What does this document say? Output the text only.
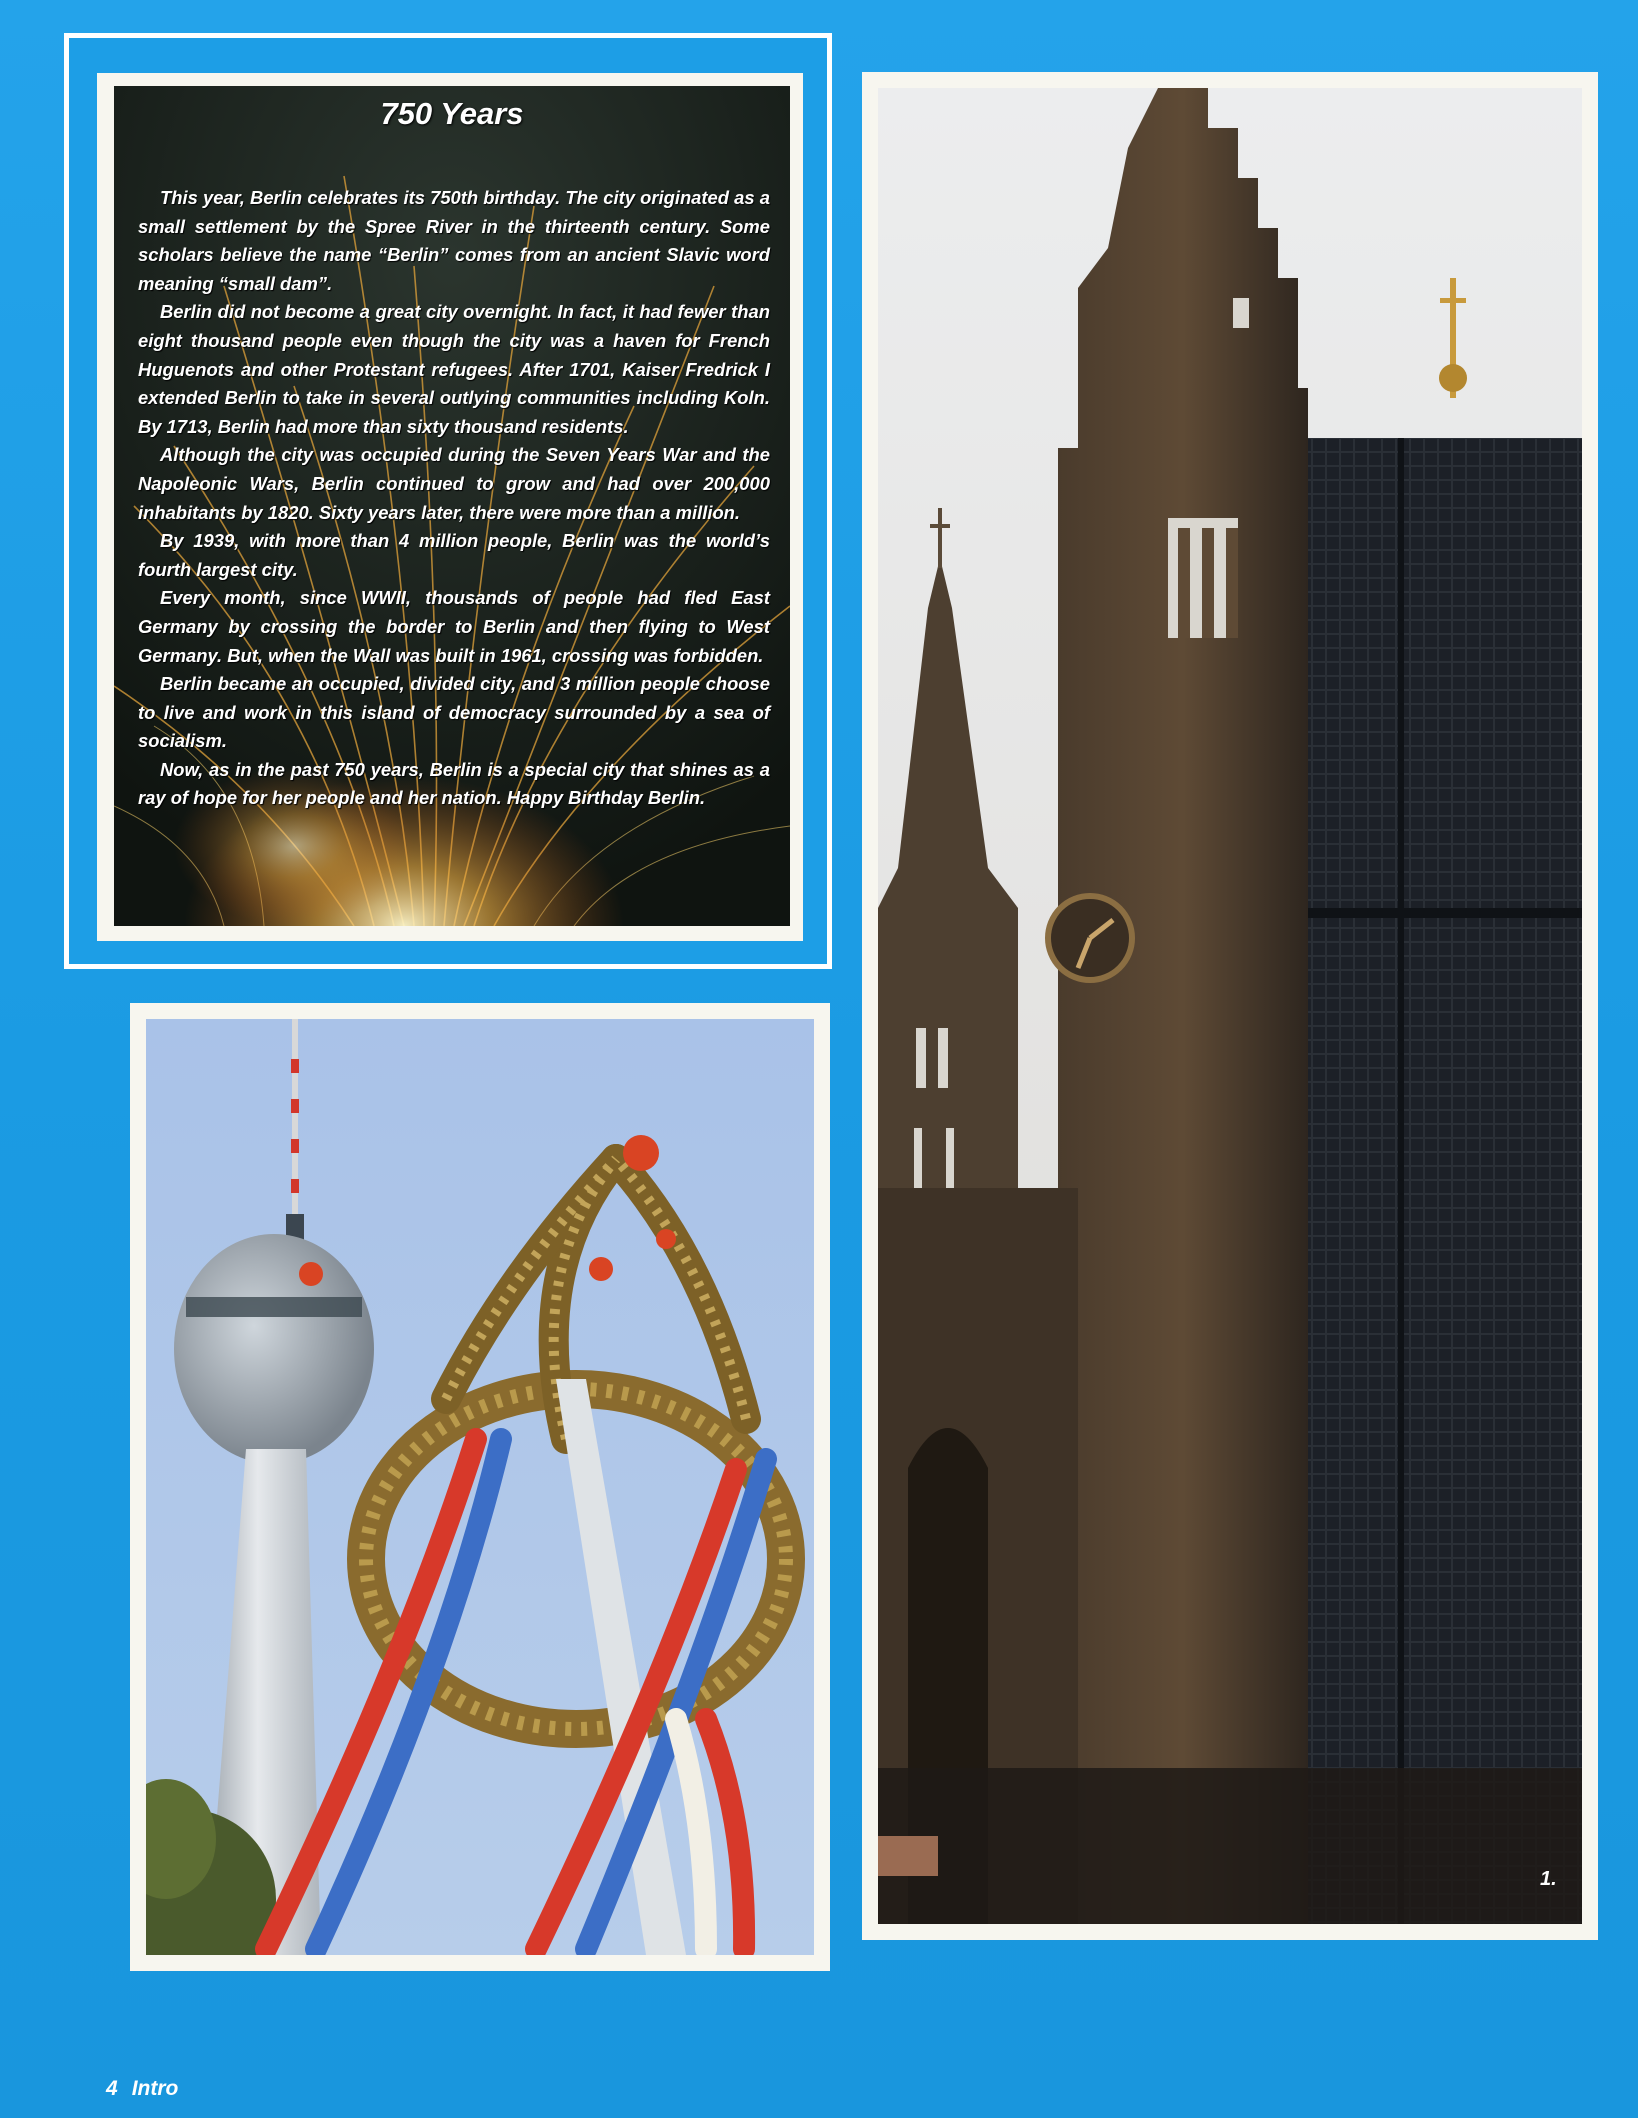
750 Years

This year, Berlin celebrates its 750th birthday. The city originated as a small settlement by the Spree River in the thirteenth century. Some scholars believe the name “Berlin” comes from an ancient Slavic word meaning “small dam”.

Berlin did not become a great city overnight. In fact, it had fewer than eight thousand people even though the city was a haven for French Huguenots and other Protestant refugees. After 1701, Kaiser Fredrick I extended Berlin to take in several outlying communities including Koln. By 1713, Berlin had more than sixty thousand residents.

Although the city was occupied during the Seven Years War and the Napoleonic Wars, Berlin continued to grow and had over 200,000 inhabitants by 1820. Sixty years later, there were more than a million.

By 1939, with more than 4 million people, Berlin was the world’s fourth largest city.

Every month, since WWII, thousands of people had fled East Germany by crossing the border to Berlin and then flying to West Germany. But, when the Wall was built in 1961, crossing was forbidden.

Berlin became an occupied, divided city, and 3 million people choose to live and work in this island of democracy surrounded by a sea of socialism.

Now, as in the past 750 years, Berlin is a special city that shines as a ray of hope for her people and her nation. Happy Birthday Berlin.

1.
4 Intro
